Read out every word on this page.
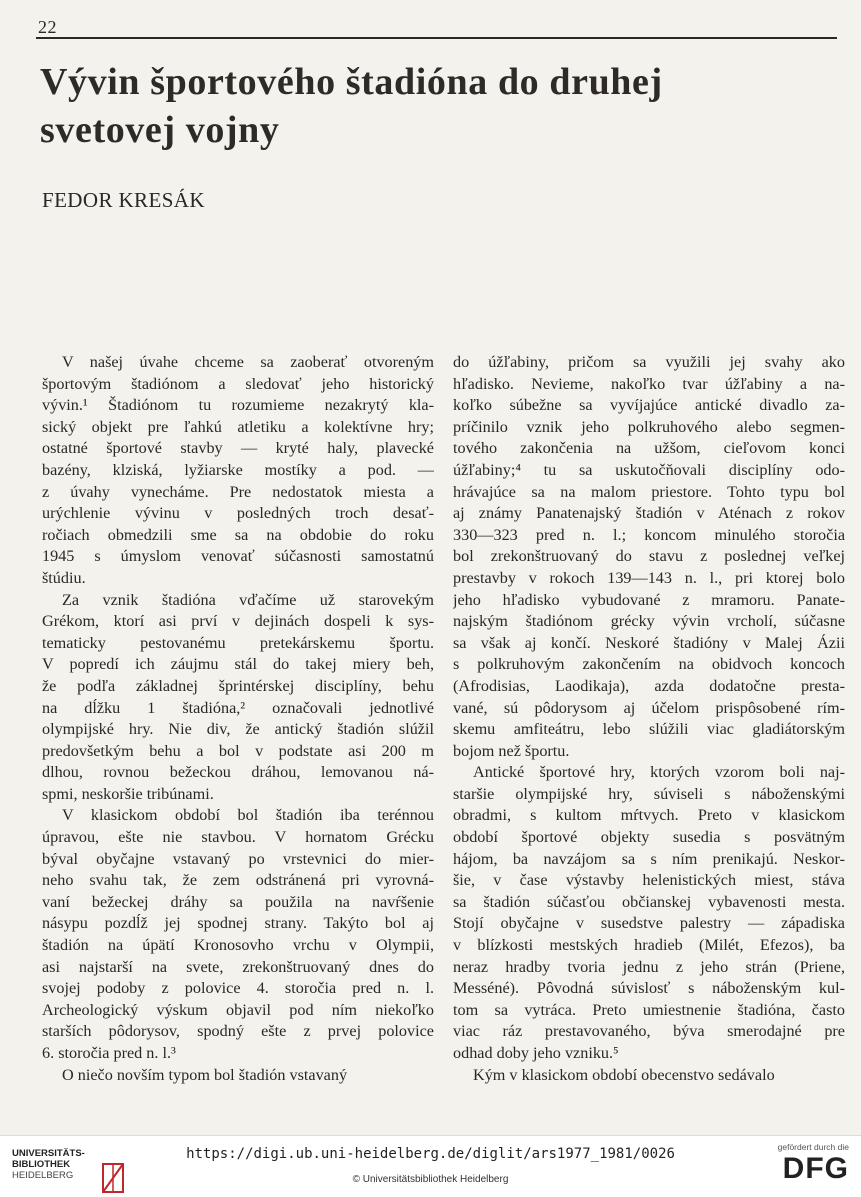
22
Vývin športového štadióna do druhej
svetovej vojny
FEDOR KRESÁK
V našej úvahe chceme sa zaoberať otvoreným
športovým štadiónom a sledovať jeho historický
vývin.¹ Štadiónom tu rozumieme nezakrytý kla-
sický objekt pre ľahkú atletiku a kolektívne hry;
ostatné športové stavby — kryté haly, plavecké
bazény, klziská, lyžiarske mostíky a pod. —
z úvahy vynecháme. Pre nedostatok miesta a
urýchlenie vývinu v posledných troch desať-
ročiach obmedzili sme sa na obdobie do roku
1945 s úmyslom venovať súčasnosti samostatnú
štúdiu.
Za vznik štadióna vďačíme už starovekým
Grékom, ktorí asi prví v dejinách dospeli k sys-
tematicky pestovanému pretekárskemu športu.
V popredí ich záujmu stál do takej miery beh,
že podľa základnej šprintérskej disciplíny, behu
na dĺžku 1 štadióna,² označovali jednotlivé
olympijské hry. Nie div, že antický štadión slúžil
predovšetkým behu a bol v podstate asi 200 m
dlhou, rovnou bežeckou dráhou, lemovanou ná-
spmi, neskoršie tribúnami.
V klasickom období bol štadión iba terénnou
úpravou, ešte nie stavbou. V hornatom Grécku
býval obyčajne vstavaný po vrstevnici do mier-
neho svahu tak, že zem odstránená pri vyrovná-
vaní bežeckej dráhy sa použila na navŕšenie
násypu pozdĺž jej spodnej strany. Takýto bol aj
štadión na úpätí Kronosovho vrchu v Olympii,
asi najstarší na svete, zrekonštruovaný dnes do
svojej podoby z polovice 4. storočia pred n. l.
Archeologický výskum objavil pod ním niekoľko
starších pôdorysov, spodný ešte z prvej polovice
6. storočia pred n. l.³
O niečo novším typom bol štadión vstavaný
do úžľabiny, pričom sa využili jej svahy ako
hľadisko. Nevieme, nakoľko tvar úžľabiny a na-
koľko súbežne sa vyvíjajúce antické divadlo za-
príčinilo vznik jeho polkruhového alebo segmen-
tového zakončenia na užšom, cieľovom konci
úžľabiny;⁴ tu sa uskutočňovali disciplíny odo-
hrávajúce sa na malom priestore. Tohto typu bol
aj známy Panatenajský štadión v Aténach z rokov
330—323 pred n. l.; koncom minulého storočia
bol zrekonštruovaný do stavu z poslednej veľkej
prestavby v rokoch 139—143 n. l., pri ktorej bolo
jeho hľadisko vybudované z mramoru. Panate-
najským štadiónom grécky vývin vrcholí, súčasne
sa však aj končí. Neskoré štadióny v Malej Ázii
s polkruhovým zakončením na obidvoch koncoch
(Afrodisias, Laodikaja), azda dodatočne presta-
vané, sú pôdorysom aj účelom prispôsobené rím-
skemu amfiteátru, lebo slúžili viac gladiátorským
bojom než športu.
Antické športové hry, ktorých vzorom boli naj-
staršie olympijské hry, súviseli s náboženskými
obradmi, s kultom mŕtvych. Preto v klasickom
období športové objekty susedia s posvätným
hájom, ba navzájom sa s ním prenikajú. Neskor-
šie, v čase výstavby helenistických miest, stáva
sa štadión súčasťou občianskej vybavenosti mesta.
Stojí obyčajne v susedstve palestry — západiska
v blízkosti mestských hradieb (Milét, Efezos), ba
neraz hradby tvoria jednu z jeho strán (Priene,
Messéné). Pôvodná súvislosť s náboženským kul-
tom sa vytráca. Preto umiestnenie štadióna, často
viac ráz prestavovaného, býva smerodajné pre
odhad doby jeho vzniku.⁵
Kým v klasickom období obecenstvo sedávalo
UNIVERSITÄTS-
BIBLIOTHEK
HEIDELBERG
https://digi.ub.uni-heidelberg.de/diglit/ars1977_1981/0026
© Universitätsbibliothek Heidelberg
gefördert durch die
DFG
